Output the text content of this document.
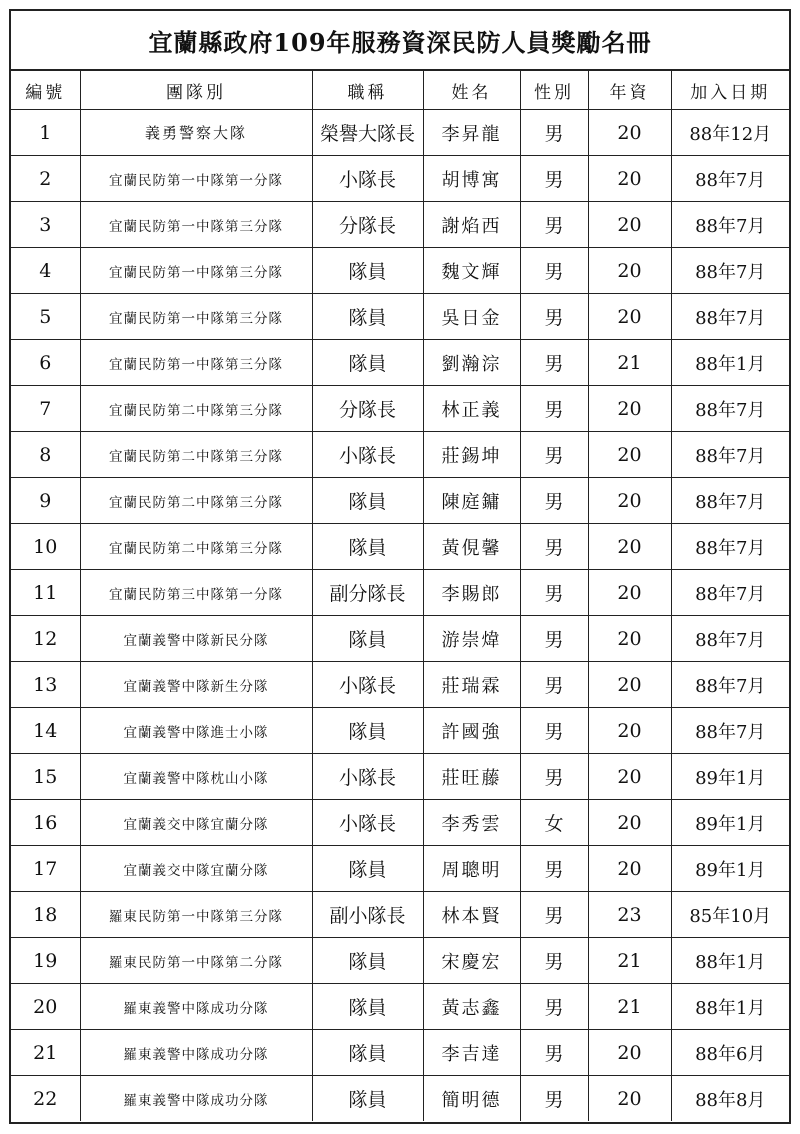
宜蘭縣政府109年服務資深民防人員獎勵名冊
編號	團隊別	職稱	姓名	性別	年資	加入日期
1	義勇警察大隊	榮譽大隊長	李昇龍	男	20	88年12月
2	宜蘭民防第一中隊第一分隊	小隊長	胡博寓	男	20	88年7月
3	宜蘭民防第一中隊第三分隊	分隊長	謝焰西	男	20	88年7月
4	宜蘭民防第一中隊第三分隊	隊員	魏文輝	男	20	88年7月
5	宜蘭民防第一中隊第三分隊	隊員	吳日金	男	20	88年7月
6	宜蘭民防第一中隊第三分隊	隊員	劉瀚淙	男	21	88年1月
7	宜蘭民防第二中隊第三分隊	分隊長	林正義	男	20	88年7月
8	宜蘭民防第二中隊第三分隊	小隊長	莊錫坤	男	20	88年7月
9	宜蘭民防第二中隊第三分隊	隊員	陳庭鏞	男	20	88年7月
10	宜蘭民防第二中隊第三分隊	隊員	黃俔馨	男	20	88年7月
11	宜蘭民防第三中隊第一分隊	副分隊長	李賜郎	男	20	88年7月
12	宜蘭義警中隊新民分隊	隊員	游崇煒	男	20	88年7月
13	宜蘭義警中隊新生分隊	小隊長	莊瑞霖	男	20	88年7月
14	宜蘭義警中隊進士小隊	隊員	許國強	男	20	88年7月
15	宜蘭義警中隊枕山小隊	小隊長	莊旺藤	男	20	89年1月
16	宜蘭義交中隊宜蘭分隊	小隊長	李秀雲	女	20	89年1月
17	宜蘭義交中隊宜蘭分隊	隊員	周聰明	男	20	89年1月
18	羅東民防第一中隊第三分隊	副小隊長	林本賢	男	23	85年10月
19	羅東民防第一中隊第二分隊	隊員	宋慶宏	男	21	88年1月
20	羅東義警中隊成功分隊	隊員	黃志鑫	男	21	88年1月
21	羅東義警中隊成功分隊	隊員	李吉達	男	20	88年6月
22	羅東義警中隊成功分隊	隊員	簡明德	男	20	88年8月
